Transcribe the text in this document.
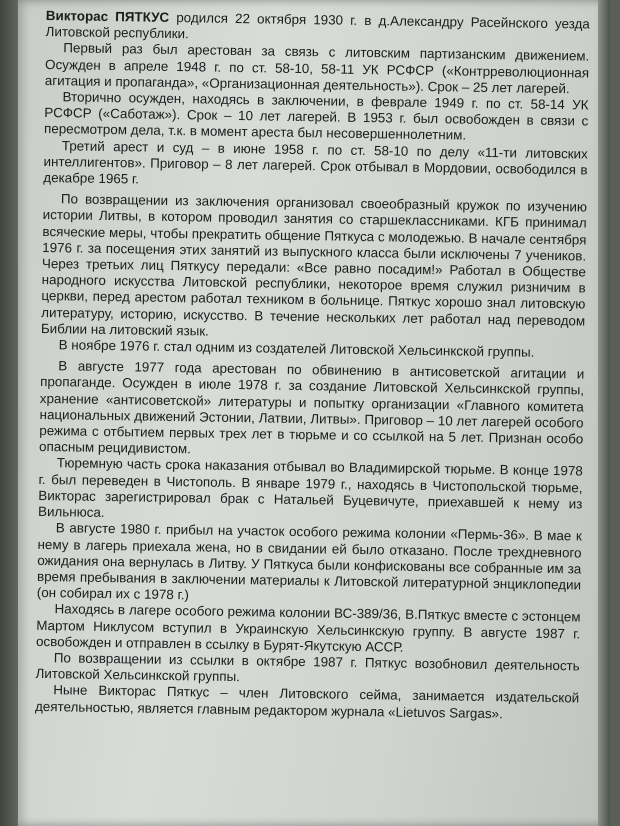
Викторас ПЯТКУС родился 22 октября 1930 г. в д.Александру Расейнского уезда Литовской республики.

Первый раз был арестован за связь с литовским партизанским движением. Осужден в апреле 1948 г. по ст. 58-10, 58-11 УК РСФСР («Контрреволюционная агитация и пропаганда», «Организационная деятельность»). Срок – 25 лет лагерей.

Вторично осужден, находясь в заключении, в феврале 1949 г. по ст. 58-14 УК РСФСР («Саботаж»). Срок – 10 лет лагерей. В 1953 г. был освобожден в связи с пересмотром дела, т.к. в момент ареста был несовершеннолетним.

Третий арест и суд – в июне 1958 г. по ст. 58-10 по делу «11-ти литовских интеллигентов». Приговор – 8 лет лагерей. Срок отбывал в Мордовии, освободился в декабре 1965 г.

По возвращении из заключения организовал своеобразный кружок по изучению истории Литвы, в котором проводил занятия со старшеклассниками. КГБ принимал всяческие меры, чтобы прекратить общение Пяткуса с молодежью. В начале сентября 1976 г. за посещения этих занятий из выпускного класса были исключены 7 учеников. Через третьих лиц Пяткусу передали: «Все равно посадим!» Работал в Обществе народного искусства Литовской республики, некоторое время служил ризничим в церкви, перед арестом работал техником в больнице. Пяткус хорошо знал литовскую литературу, историю, искусство. В течение нескольких лет работал над переводом Библии на литовский язык.

В ноябре 1976 г. стал одним из создателей Литовской Хельсинкской группы.

В августе 1977 года арестован по обвинению в антисоветской агитации и пропаганде. Осужден в июле 1978 г. за создание Литовской Хельсинкской группы, хранение «антисоветской» литературы и попытку организации «Главного комитета национальных движений Эстонии, Латвии, Литвы». Приговор – 10 лет лагерей особого режима с отбытием первых трех лет в тюрьме и со ссылкой на 5 лет. Признан особо опасным рецидивистом.

Тюремную часть срока наказания отбывал во Владимирской тюрьме. В конце 1978 г. был переведен в Чистополь. В январе 1979 г., находясь в Чистопольской тюрьме, Викторас зарегистрировал брак с Натальей Буцевичуте, приехавшей к нему из Вильнюса.

В августе 1980 г. прибыл на участок особого режима колонии «Пермь-36». В мае к нему в лагерь приехала жена, но в свидании ей было отказано. После трехдневного ожидания она вернулась в Литву. У Пяткуса были конфискованы все собранные им за время пребывания в заключении материалы к Литовской литературной энциклопедии (он собирал их с 1978 г.)

Находясь в лагере особого режима колонии ВС-389/36, В.Пяткус вместе с эстонцем Мартом Никлусом вступил в Украинскую Хельсинкскую группу. В августе 1987 г. освобожден и отправлен в ссылку в Бурят-Якутскую АССР.

По возвращении из ссылки в октябре 1987 г. Пяткус возобновил деятельность Литовской Хельсинкской группы.

Ныне Викторас Пяткус – член Литовского сейма, занимается издательской деятельностью, является главным редактором журнала «Lietuvos Sargas».
